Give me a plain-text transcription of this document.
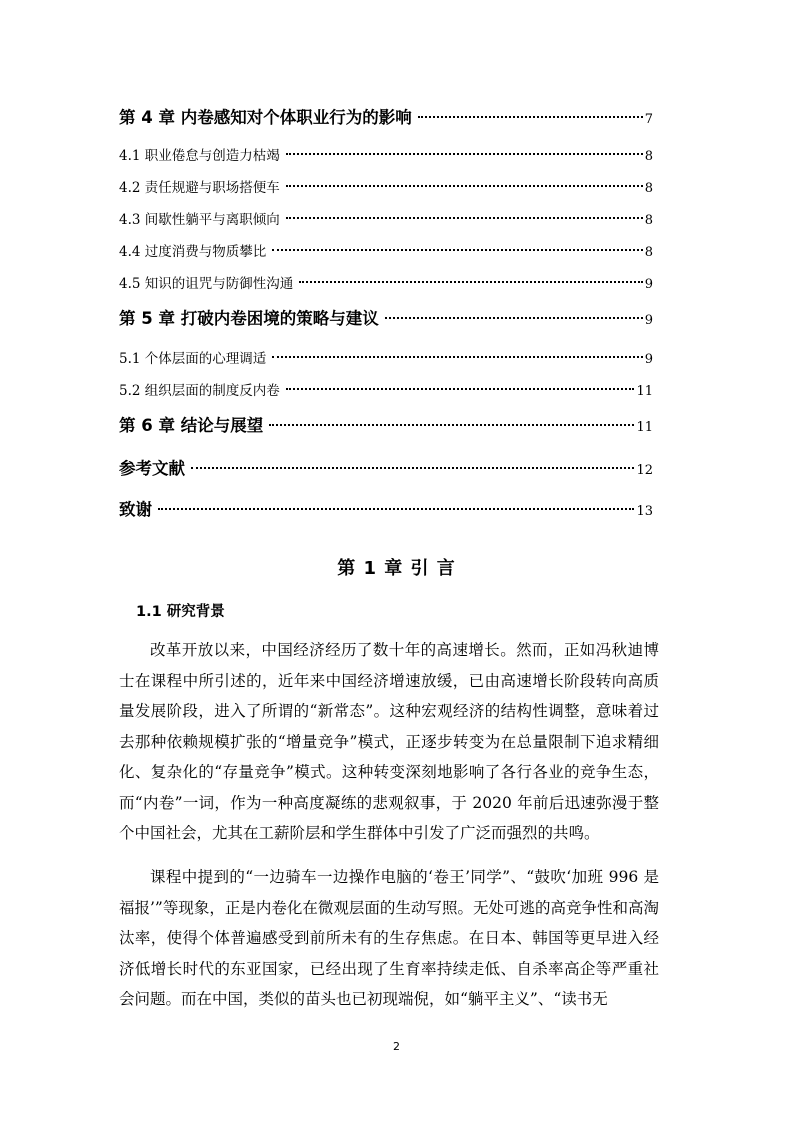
第 4 章 内卷感知对个体职业行为的影响	7
4.1 职业倦怠与创造力枯竭	8
4.2 责任规避与职场搭便车	8
4.3 间歇性躺平与离职倾向	8
4.4 过度消费与物质攀比	8
4.5 知识的诅咒与防御性沟通	9
第 5 章 打破内卷困境的策略与建议	9
5.1 个体层面的心理调适	9
5.2 组织层面的制度反内卷	11
第 6 章 结论与展望	11
参考文献	12
致谢	13
第 1 章 引 言
1.1 研究背景

改革开放以来，中国经济经历了数十年的高速增长。然而，正如冯秋迪博士在课程中所引述的，近年来中国经济增速放缓，已由高速增长阶段转向高质量发展阶段，进入了所谓的“新常态”。这种宏观经济的结构性调整，意味着过去那种依赖规模扩张的“增量竞争”模式，正逐步转变为在总量限制下追求精细化、复杂化的“存量竞争”模式。这种转变深刻地影响了各行各业的竞争生态，而“内卷”一词，作为一种高度凝练的悲观叙事，于 2020 年前后迅速弥漫于整个中国社会，尤其在工薪阶层和学生群体中引发了广泛而强烈的共鸣。

课程中提到的“一边骑车一边操作电脑的‘卷王’同学”、“鼓吹‘加班 996 是福报’”等现象，正是内卷化在微观层面的生动写照。无处可逃的高竞争性和高淘汰率，使得个体普遍感受到前所未有的生存焦虑。在日本、韩国等更早进入经济低增长时代的东亚国家，已经出现了生育率持续走低、自杀率高企等严重社会问题。而在中国，类似的苗头也已初现端倪，如“躺平主义”、“读书无

2
